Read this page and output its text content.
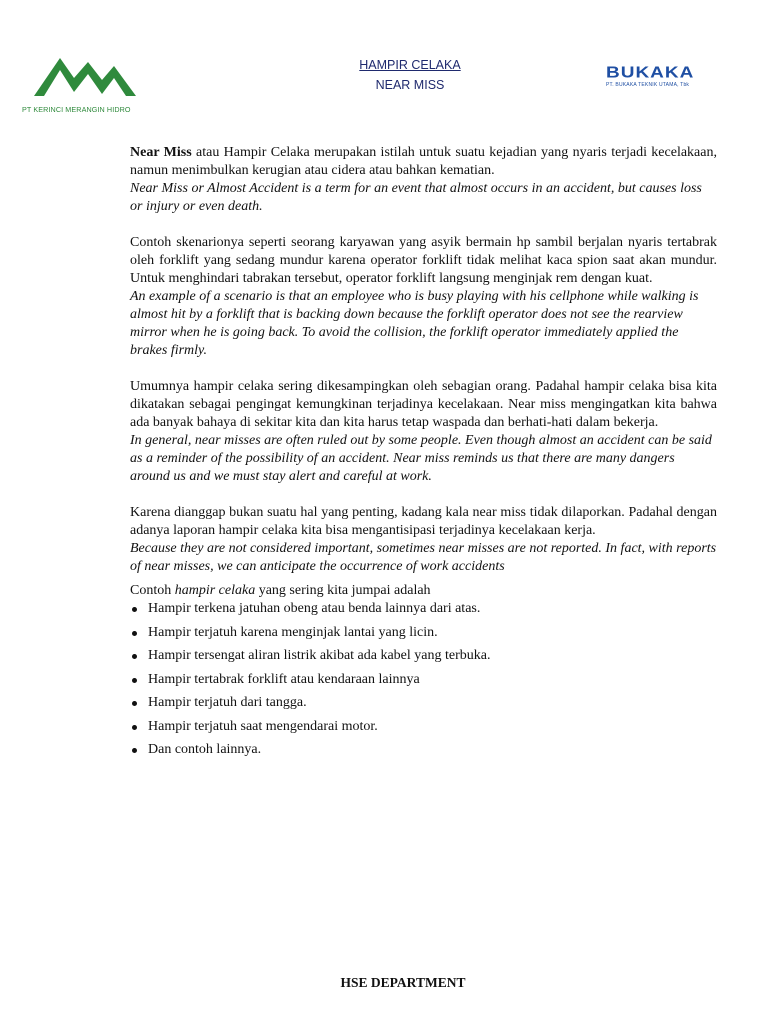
PT KERINCI MERANGIN HIDRO
HAMPIR CELAKA
NEAR MISS
BUKAKA
PT. BUKAKA TEKNIK UTAMA, Tbk

Near Miss atau Hampir Celaka merupakan istilah untuk suatu kejadian yang nyaris terjadi kecelakaan, namun menimbulkan kerugian atau cidera atau bahkan kematian.

Near Miss or Almost Accident is a term for an event that almost occurs in an accident, but causes loss or injury or even death.

Contoh skenarionya seperti seorang karyawan yang asyik bermain hp sambil berjalan nyaris tertabrak oleh forklift yang sedang mundur karena operator forklift tidak melihat kaca spion saat akan mundur. Untuk menghindari tabrakan tersebut, operator forklift langsung menginjak rem dengan kuat.

An example of a scenario is that an employee who is busy playing with his cellphone while walking is almost hit by a forklift that is backing down because the forklift operator does not see the rearview mirror when he is going back. To avoid the collision, the forklift operator immediately applied the brakes firmly.

Umumnya hampir celaka sering dikesampingkan oleh sebagian orang. Padahal hampir celaka bisa kita dikatakan sebagai pengingat kemungkinan terjadinya kecelakaan. Near miss mengingatkan kita bahwa ada banyak bahaya di sekitar kita dan kita harus tetap waspada dan berhati-hati dalam bekerja.

In general, near misses are often ruled out by some people. Even though almost an accident can be said as a reminder of the possibility of an accident. Near miss reminds us that there are many dangers around us and we must stay alert and careful at work.

Karena dianggap bukan suatu hal yang penting, kadang kala near miss tidak dilaporkan. Padahal dengan adanya laporan hampir celaka kita bisa mengantisipasi terjadinya kecelakaan kerja.

Because they are not considered important, sometimes near misses are not reported. In fact, with reports of near misses, we can anticipate the occurrence of work accidents

Contoh hampir celaka yang sering kita jumpai adalah

Hampir terkena jatuhan obeng atau benda lainnya dari atas.
Hampir terjatuh karena menginjak lantai yang licin.
Hampir tersengat aliran listrik akibat ada kabel yang terbuka.
Hampir tertabrak forklift atau kendaraan lainnya
Hampir terjatuh dari tangga.
Hampir terjatuh saat mengendarai motor.
Dan contoh lainnya.
HSE DEPARTMENT
